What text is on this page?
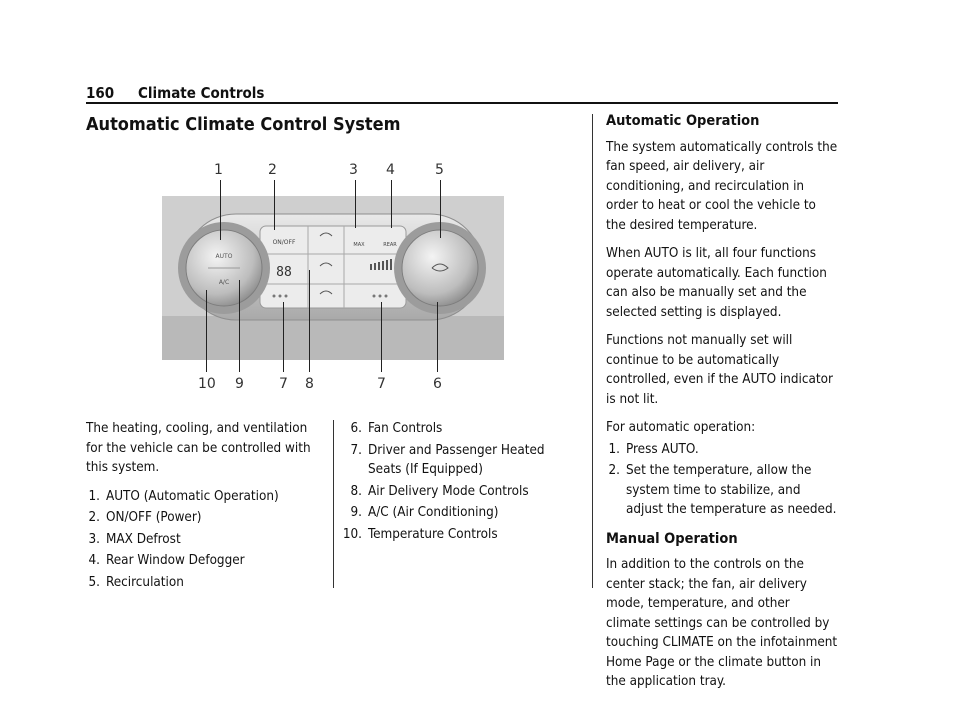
160 Climate Controls
Automatic Climate Control System
1	2	3 4	5
AUTO
A/C
ON/OFF
88
MAX	REAR
10 9	7 8	7	6

The heating, cooling, and ventilation for the vehicle can be controlled with this system.

1. AUTO (Automatic Operation)
2. ON/OFF (Power)
3. MAX Defrost
4. Rear Window Defogger
5. Recirculation
6. Fan Controls
7. Driver and Passenger Heated Seats (If Equipped)
8. Air Delivery Mode Controls
9. A/C (Air Conditioning)
10. Temperature Controls
Automatic Operation

The system automatically controls the fan speed, air delivery, air conditioning, and recirculation in order to heat or cool the vehicle to the desired temperature.

When AUTO is lit, all four functions operate automatically. Each function can also be manually set and the selected setting is displayed.

Functions not manually set will continue to be automatically controlled, even if the AUTO indicator is not lit.

For automatic operation:

1. Press AUTO.
2. Set the temperature, allow the system time to stabilize, and adjust the temperature as needed.
Manual Operation

In addition to the controls on the center stack; the fan, air delivery mode, temperature, and other climate settings can be controlled by touching CLIMATE on the infotainment Home Page or the climate button in the application tray.
